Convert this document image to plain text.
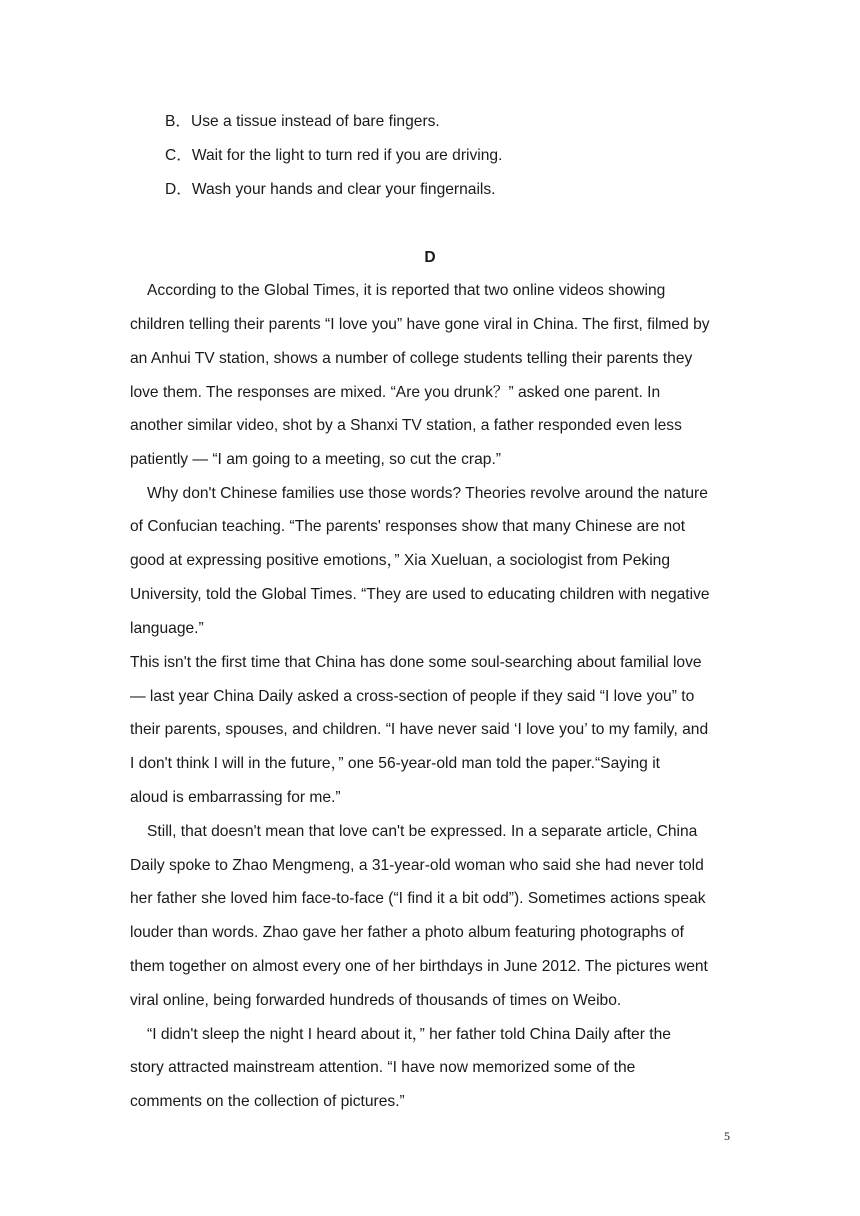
B．Use a tissue instead of bare fingers.
C．Wait for the light to turn red if you are driving.
D．Wash your hands and clear your fingernails.
D
According to the Global Times, it is reported that two online videos showing
children telling their parents “I love you” have gone viral in China. The first, filmed by
an Anhui TV station, shows a number of college students telling their parents they
love them. The responses are mixed. “Are you drunk？” asked one parent. In
another similar video, shot by a Shanxi TV station, a father responded even less
patiently — “I am going to a meeting, so cut the crap.”
Why don't Chinese families use those words? Theories revolve around the nature
of Confucian teaching. “The parents' responses show that many Chinese are not
good at expressing positive emotions，” Xia Xueluan, a sociologist from Peking
University, told the Global Times. “They are used to educating children with negative
language.”
This isn't the first time that China has done some soul-searching about familial love
— last year China Daily asked a cross-section of people if they said “I love you” to
their parents, spouses, and children. “I have never said ‘I love you’ to my family, and
I don't think I will in the future，” one 56-year-old man told the paper.“Saying it
aloud is embarrassing for me.”
Still, that doesn't mean that love can't be expressed. In a separate article, China
Daily spoke to Zhao Mengmeng, a 31-year-old woman who said she had never told
her father she loved him face-to-face (“I find it a bit odd”). Sometimes actions speak
louder than words. Zhao gave her father a photo album featuring photographs of
them together on almost every one of her birthdays in June 2012. The pictures went
viral online, being forwarded hundreds of thousands of times on Weibo.
“I didn't sleep the night I heard about it，” her father told China Daily after the
story attracted mainstream attention. “I have now memorized some of the
comments on the collection of pictures.”
5
